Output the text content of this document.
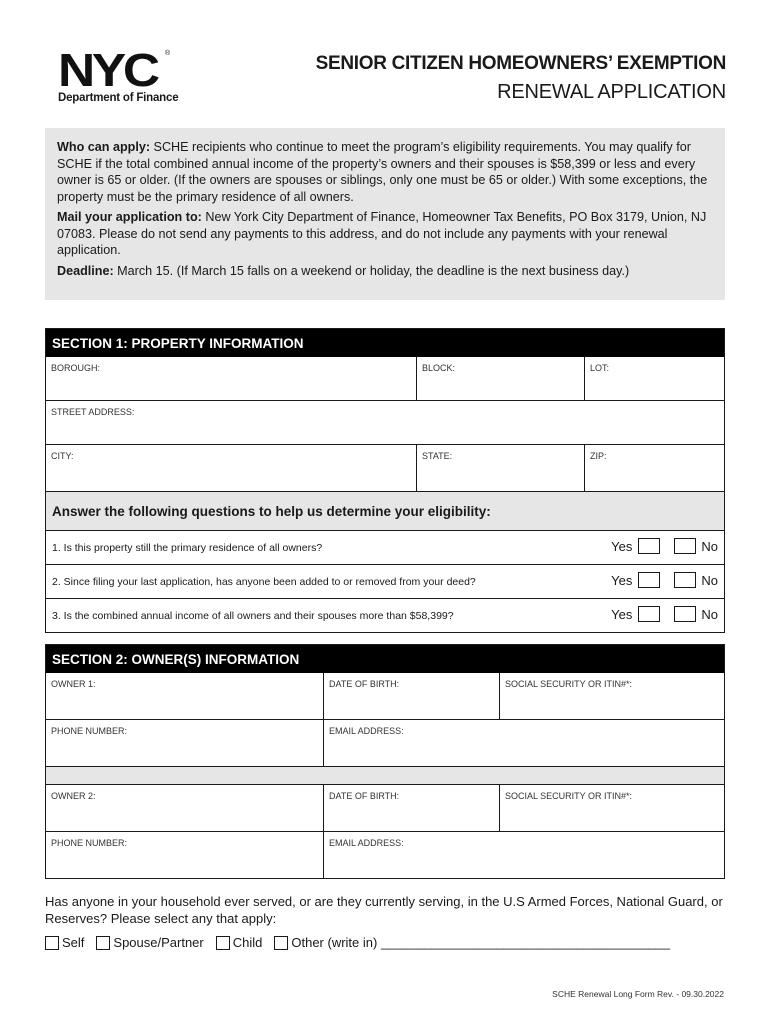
NYC	®
Department of Finance
SENIOR CITIZEN HOMEOWNERS’ EXEMPTION
RENEWAL APPLICATION

Who can apply: SCHE recipients who continue to meet the program’s eligibility requirements. You may qualify for SCHE if the total combined annual income of the property’s owners and their spouses is $58,399 or less and every owner is 65 or older. (If the owners are spouses or siblings, only one must be 65 or older.) With some exceptions, the property must be the primary residence of all owners.

Mail your application to: New York City Department of Finance, Homeowner Tax Benefits, PO Box 3179, Union, NJ 07083. Please do not send any payments to this address, and do not include any payments with your renewal application.

Deadline: March 15. (If March 15 falls on a weekend or holiday, the deadline is the next business day.)

SECTION 1: PROPERTY INFORMATION
BOROUGH:	BLOCK:	LOT:
STREET ADDRESS:
CITY:	STATE:	ZIP:
Answer the following questions to help us determine your eligibility:
1. Is this property still the primary residence of all owners?	Yes	No
2. Since filing your last application, has anyone been added to or removed from your deed?	Yes	No
3. Is the combined annual income of all owners and their spouses more than $58,399?	Yes	No
SECTION 2: OWNER(S) INFORMATION
OWNER 1:	DATE OF BIRTH:	SOCIAL SECURITY OR ITIN#*:
PHONE NUMBER:	EMAIL ADDRESS:
OWNER 2:	DATE OF BIRTH:	SOCIAL SECURITY OR ITIN#*:
PHONE NUMBER:	EMAIL ADDRESS:
Has anyone in your household ever served, or are they currently serving, in the U.S Armed Forces, National Guard, or Reserves? Please select any that apply:
Self Spouse/Partner Child Other (write in) ________________________________________
SCHE Renewal Long Form Rev. - 09.30.2022
